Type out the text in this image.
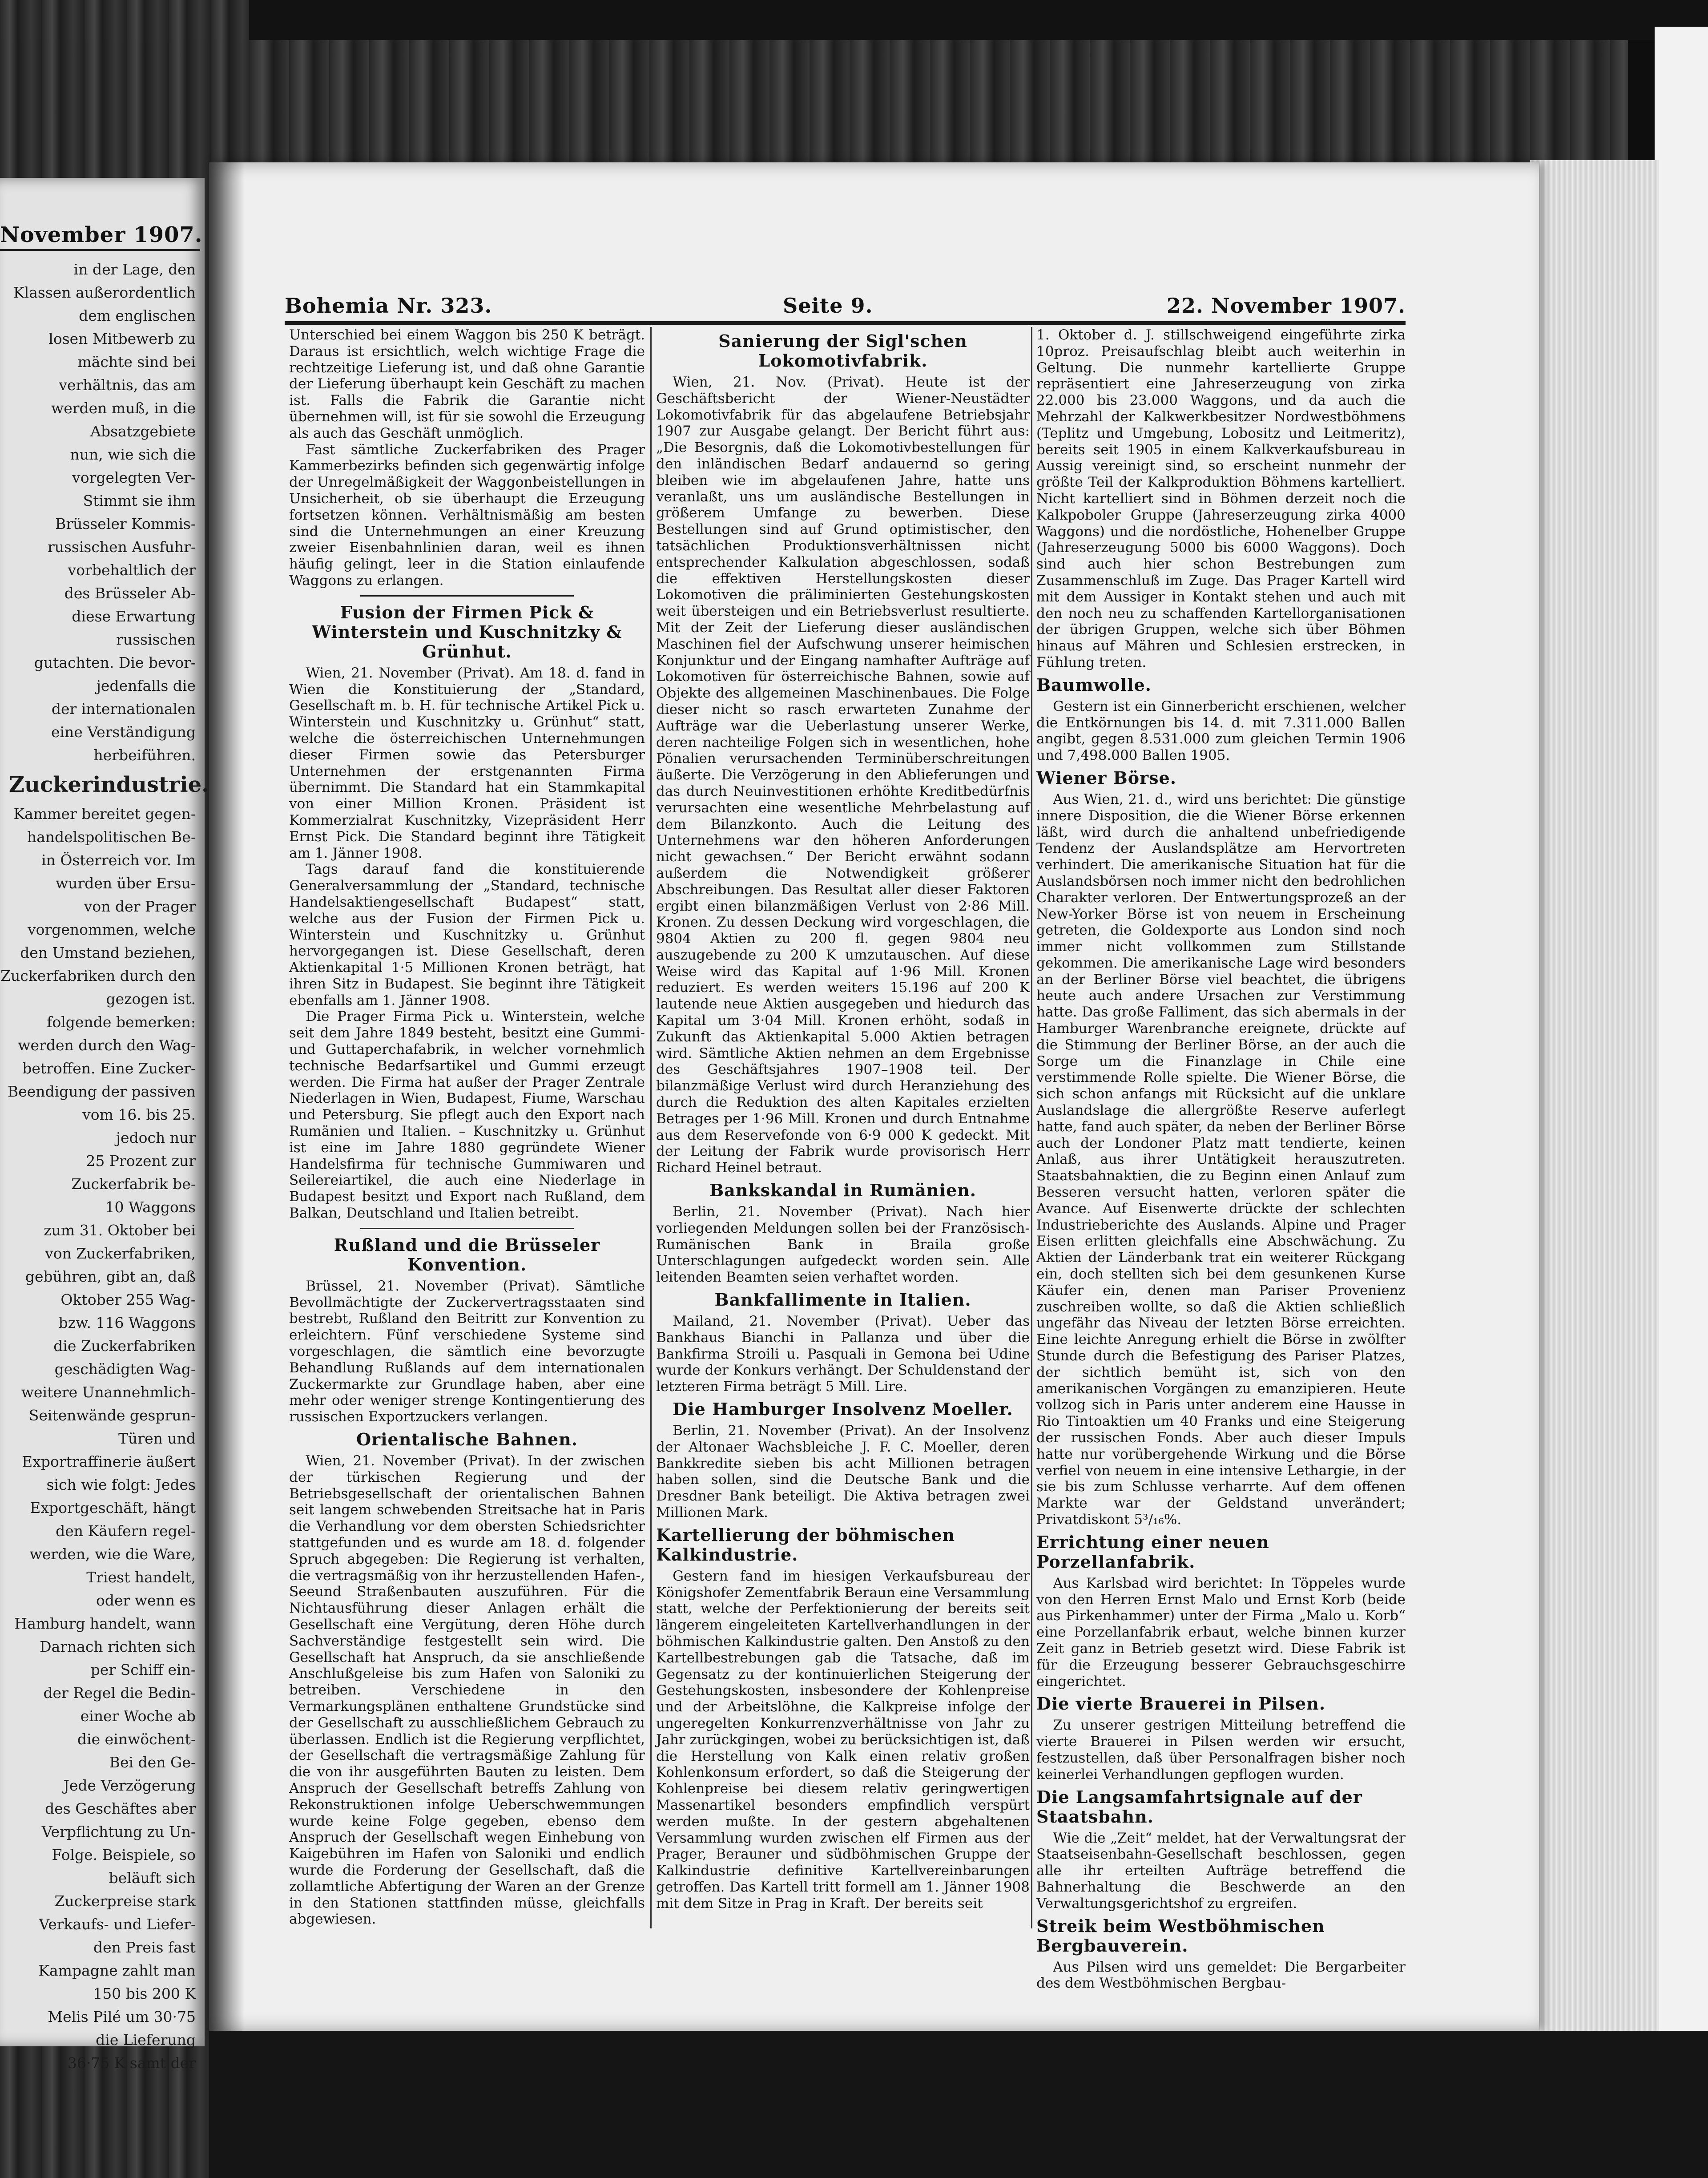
November 1907.
in der Lage, den
Klassen außerordentlich
dem englischen
losen Mitbewerb zu
mächte sind bei
verhältnis, das am
werden muß, in die
Absatzgebiete
nun, wie sich die
vorgelegten Ver-
Stimmt sie ihm
Brüsseler Kommis-
russischen Ausfuhr-
vorbehaltlich der
des Brüsseler Ab-
diese Erwartung
russischen
gutachten. Die bevor-
jedenfalls die
der internationalen
eine Verständigung
herbeiführen.
Zuckerindustrie.
Kammer bereitet gegen-
handelspolitischen Be-
in Österreich vor. Im
wurden über Ersu-
von der Prager
vorgenommen, welche
den Umstand beziehen,
Zuckerfabriken durch den
gezogen ist.
folgende bemerken:
werden durch den Wag-
betroffen. Eine Zucker-
Beendigung der passiven
vom 16. bis 25.
jedoch nur
25 Prozent zur
Zuckerfabrik be-
10 Waggons
zum 31. Oktober bei
von Zuckerfabriken,
gebühren, gibt an, daß
Oktober 255 Wag-
bzw. 116 Waggons
die Zuckerfabriken
geschädigten Wag-
weitere Unannehmlich-
Seitenwände gesprun-
Türen und
Exportraffinerie äußert
sich wie folgt: Jedes
Exportgeschäft, hängt
den Käufern regel-
werden, wie die Ware,
Triest handelt,
oder wenn es
Hamburg handelt, wann
Darnach richten sich
per Schiff ein-
der Regel die Bedin-
einer Woche ab
die einwöchent-
Bei den Ge-
Jede Verzögerung
des Geschäftes aber
Verpflichtung zu Un-
Folge. Beispiele, so
beläuft sich
Zuckerpreise stark
Verkaufs- und Liefer-
den Preis fast
Kampagne zahlt man
150 bis 200 K
Melis Pilé um 30·75
die Lieferung
36·75 K samt der
Bohemia Nr. 323.	Seite 9.	22. November 1907.

Unterschied bei einem Waggon bis 250 K beträgt. Daraus ist ersichtlich, welch wichtige Frage die rechtzeitige Lieferung ist, und daß ohne Garantie der Lieferung überhaupt kein Geschäft zu machen ist. Falls die Fabrik die Garantie nicht übernehmen will, ist für sie sowohl die Erzeugung als auch das Geschäft unmöglich.

Fast sämtliche Zuckerfabriken des Prager Kammerbezirks befinden sich gegenwärtig infolge der Unregelmäßigkeit der Waggonbeistellungen in Unsicherheit, ob sie überhaupt die Erzeugung fortsetzen können. Verhältnismäßig am besten sind die Unternehmungen an einer Kreuzung zweier Eisenbahnlinien daran, weil es ihnen häufig gelingt, leer in die Station einlaufende Waggons zu erlangen.

Fusion der Firmen Pick & Winterstein und Kuschnitzky & Grünhut.

Wien, 21. November (Privat). Am 18. d. fand in Wien die Konstituierung der „Standard, Gesellschaft m. b. H. für technische Artikel Pick u. Winterstein und Kuschnitzky u. Grünhut“ statt, welche die österreichischen Unternehmungen dieser Firmen sowie das Petersburger Unternehmen der erstgenannten Firma übernimmt. Die Standard hat ein Stammkapital von einer Million Kronen. Präsident ist Kommerzialrat Kuschnitzky, Vizepräsident Herr Ernst Pick. Die Standard beginnt ihre Tätigkeit am 1. Jänner 1908.

Tags darauf fand die konstituierende Generalversammlung der „Standard, technische Handelsaktiengesellschaft Budapest“ statt, welche aus der Fusion der Firmen Pick u. Winterstein und Kuschnitzky u. Grünhut hervorgegangen ist. Diese Gesellschaft, deren Aktienkapital 1·5 Millionen Kronen beträgt, hat ihren Sitz in Budapest. Sie beginnt ihre Tätigkeit ebenfalls am 1. Jänner 1908.

Die Prager Firma Pick u. Winterstein, welche seit dem Jahre 1849 besteht, besitzt eine Gummi- und Guttaperchafabrik, in welcher vornehmlich technische Bedarfsartikel und Gummi erzeugt werden. Die Firma hat außer der Prager Zentrale Niederlagen in Wien, Budapest, Fiume, Warschau und Petersburg. Sie pflegt auch den Export nach Rumänien und Italien. – Kuschnitzky u. Grünhut ist eine im Jahre 1880 gegründete Wiener Handelsfirma für technische Gummiwaren und Seilereiartikel, die auch eine Niederlage in Budapest besitzt und Export nach Rußland, dem Balkan, Deutschland und Italien betreibt.

Rußland und die Brüsseler Konvention.

Brüssel, 21. November (Privat). Sämtliche Bevollmächtigte der Zuckervertragsstaaten sind bestrebt, Rußland den Beitritt zur Konvention zu erleichtern. Fünf verschiedene Systeme sind vorgeschlagen, die sämtlich eine bevorzugte Behandlung Rußlands auf dem internationalen Zuckermarkte zur Grundlage haben, aber eine mehr oder weniger strenge Kontingentierung des russischen Exportzuckers verlangen.

Orientalische Bahnen.

Wien, 21. November (Privat). In der zwischen der türkischen Regierung und der Betriebsgesellschaft der orientalischen Bahnen seit langem schwebenden Streitsache hat in Paris die Verhandlung vor dem obersten Schiedsrichter stattgefunden und es wurde am 18. d. folgender Spruch abgegeben: Die Regierung ist verhalten, die vertragsmäßig von ihr herzustellenden Hafen-, Seeund Straßenbauten auszuführen. Für die Nichtausführung dieser Anlagen erhält die Gesellschaft eine Vergütung, deren Höhe durch Sachverständige festgestellt sein wird. Die Gesellschaft hat Anspruch, da sie anschließende Anschlußgeleise bis zum Hafen von Saloniki zu betreiben. Verschiedene in den Vermarkungsplänen enthaltene Grundstücke sind der Gesellschaft zu ausschließlichem Gebrauch zu überlassen. Endlich ist die Regierung verpflichtet, der Gesellschaft die vertragsmäßige Zahlung für die von ihr ausgeführten Bauten zu leisten. Dem Anspruch der Gesellschaft betreffs Zahlung von Rekonstruktionen infolge Ueberschwemmungen wurde keine Folge gegeben, ebenso dem Anspruch der Gesellschaft wegen Einhebung von Kaigebühren im Hafen von Saloniki und endlich wurde die Forderung der Gesellschaft, daß die zollamtliche Abfertigung der Waren an der Grenze in den Stationen stattfinden müsse, gleichfalls abgewiesen.

Sanierung der Sigl'schen Lokomotivfabrik.

Wien, 21. Nov. (Privat). Heute ist der Geschäftsbericht der Wiener-Neustädter Lokomotivfabrik für das abgelaufene Betriebsjahr 1907 zur Ausgabe gelangt. Der Bericht führt aus: „Die Besorgnis, daß die Lokomotivbestellungen für den inländischen Bedarf andauernd so gering bleiben wie im abgelaufenen Jahre, hatte uns veranlaßt, uns um ausländische Bestellungen in größerem Umfange zu bewerben. Diese Bestellungen sind auf Grund optimistischer, den tatsächlichen Produktionsverhältnissen nicht entsprechender Kalkulation abgeschlossen, sodaß die effektiven Herstellungskosten dieser Lokomotiven die präliminierten Gestehungskosten weit übersteigen und ein Betriebsverlust resultierte. Mit der Zeit der Lieferung dieser ausländischen Maschinen fiel der Aufschwung unserer heimischen Konjunktur und der Eingang namhafter Aufträge auf Lokomotiven für österreichische Bahnen, sowie auf Objekte des allgemeinen Maschinenbaues. Die Folge dieser nicht so rasch erwarteten Zunahme der Aufträge war die Ueberlastung unserer Werke, deren nachteilige Folgen sich in wesentlichen, hohe Pönalien verursachenden Terminüberschreitungen äußerte. Die Verzögerung in den Ablieferungen und das durch Neuinvestitionen erhöhte Kreditbedürfnis verursachten eine wesentliche Mehrbelastung auf dem Bilanzkonto. Auch die Leitung des Unternehmens war den höheren Anforderungen nicht gewachsen.“ Der Bericht erwähnt sodann außerdem die Notwendigkeit größerer Abschreibungen. Das Resultat aller dieser Faktoren ergibt einen bilanzmäßigen Verlust von 2·86 Mill. Kronen. Zu dessen Deckung wird vorgeschlagen, die 9804 Aktien zu 200 fl. gegen 9804 neu auszugebende zu 200 K umzutauschen. Auf diese Weise wird das Kapital auf 1·96 Mill. Kronen reduziert. Es werden weiters 15.196 auf 200 K lautende neue Aktien ausgegeben und hiedurch das Kapital um 3·04 Mill. Kronen erhöht, sodaß in Zukunft das Aktienkapital 5.000 Aktien betragen wird. Sämtliche Aktien nehmen an dem Ergebnisse des Geschäftsjahres 1907–1908 teil. Der bilanzmäßige Verlust wird durch Heranziehung des durch die Reduktion des alten Kapitales erzielten Betrages per 1·96 Mill. Kronen und durch Entnahme aus dem Reservefonde von 6·9 000 K gedeckt. Mit der Leitung der Fabrik wurde provisorisch Herr Richard Heinel betraut.

Bankskandal in Rumänien.

Berlin, 21. November (Privat). Nach hier vorliegenden Meldungen sollen bei der Französisch-Rumänischen Bank in Braila große Unterschlagungen aufgedeckt worden sein. Alle leitenden Beamten seien verhaftet worden.

Bankfallimente in Italien.

Mailand, 21. November (Privat). Ueber das Bankhaus Bianchi in Pallanza und über die Bankfirma Stroili u. Pasquali in Gemona bei Udine wurde der Konkurs verhängt. Der Schuldenstand der letzteren Firma beträgt 5 Mill. Lire.

Die Hamburger Insolvenz Moeller.

Berlin, 21. November (Privat). An der Insolvenz der Altonaer Wachsbleiche J. F. C. Moeller, deren Bankkredite sieben bis acht Millionen betragen haben sollen, sind die Deutsche Bank und die Dresdner Bank beteiligt. Die Aktiva betragen zwei Millionen Mark.

Kartellierung der böhmischen Kalkindustrie.

Gestern fand im hiesigen Verkaufsbureau der Königshofer Zementfabrik Beraun eine Versammlung statt, welche der Perfektionierung der bereits seit längerem eingeleiteten Kartellverhandlungen in der böhmischen Kalkindustrie galten. Den Anstoß zu den Kartellbestrebungen gab die Tatsache, daß im Gegensatz zu der kontinuierlichen Steigerung der Gestehungskosten, insbesondere der Kohlenpreise und der Arbeitslöhne, die Kalkpreise infolge der ungeregelten Konkurrenzverhältnisse von Jahr zu Jahr zurückgingen, wobei zu berücksichtigen ist, daß die Herstellung von Kalk einen relativ großen Kohlenkonsum erfordert, so daß die Steigerung der Kohlenpreise bei diesem relativ geringwertigen Massenartikel besonders empfindlich verspürt werden mußte. In der gestern abgehaltenen Versammlung wurden zwischen elf Firmen aus der Prager, Berauner und südböhmischen Gruppe der Kalkindustrie definitive Kartellvereinbarungen getroffen. Das Kartell tritt formell am 1. Jänner 1908 mit dem Sitze in Prag in Kraft. Der bereits seit

1. Oktober d. J. stillschweigend eingeführte zirka 10proz. Preisaufschlag bleibt auch weiterhin in Geltung. Die nunmehr kartellierte Gruppe repräsentiert eine Jahreserzeugung von zirka 22.000 bis 23.000 Waggons, und da auch die Mehrzahl der Kalkwerkbesitzer Nordwestböhmens (Teplitz und Umgebung, Lobositz und Leitmeritz), bereits seit 1905 in einem Kalkverkaufsbureau in Aussig vereinigt sind, so erscheint nunmehr der größte Teil der Kalkproduktion Böhmens kartelliert. Nicht kartelliert sind in Böhmen derzeit noch die Kalkpoboler Gruppe (Jahreserzeugung zirka 4000 Waggons) und die nordöstliche, Hohenelber Gruppe (Jahreserzeugung 5000 bis 6000 Waggons). Doch sind auch hier schon Bestrebungen zum Zusammenschluß im Zuge. Das Prager Kartell wird mit dem Aussiger in Kontakt stehen und auch mit den noch neu zu schaffenden Kartellorganisationen der übrigen Gruppen, welche sich über Böhmen hinaus auf Mähren und Schlesien erstrecken, in Fühlung treten.

Baumwolle.

Gestern ist ein Ginnerbericht erschienen, welcher die Entkörnungen bis 14. d. mit 7.311.000 Ballen angibt, gegen 8.531.000 zum gleichen Termin 1906 und 7,498.000 Ballen 1905.

Wiener Börse.

Aus Wien, 21. d., wird uns berichtet: Die günstige innere Disposition, die die Wiener Börse erkennen läßt, wird durch die anhaltend unbefriedigende Tendenz der Auslandsplätze am Hervortreten verhindert. Die amerikanische Situation hat für die Auslandsbörsen noch immer nicht den bedrohlichen Charakter verloren. Der Entwertungsprozeß an der New-Yorker Börse ist von neuem in Erscheinung getreten, die Goldexporte aus London sind noch immer nicht vollkommen zum Stillstande gekommen. Die amerikanische Lage wird besonders an der Berliner Börse viel beachtet, die übrigens heute auch andere Ursachen zur Verstimmung hatte. Das große Falliment, das sich abermals in der Hamburger Warenbranche ereignete, drückte auf die Stimmung der Berliner Börse, an der auch die Sorge um die Finanzlage in Chile eine verstimmende Rolle spielte. Die Wiener Börse, die sich schon anfangs mit Rücksicht auf die unklare Auslandslage die allergrößte Reserve auferlegt hatte, fand auch später, da neben der Berliner Börse auch der Londoner Platz matt tendierte, keinen Anlaß, aus ihrer Untätigkeit herauszutreten. Staatsbahnaktien, die zu Beginn einen Anlauf zum Besseren versucht hatten, verloren später die Avance. Auf Eisenwerte drückte der schlechten Industrieberichte des Auslands. Alpine und Prager Eisen erlitten gleichfalls eine Abschwächung. Zu Aktien der Länderbank trat ein weiterer Rückgang ein, doch stellten sich bei dem gesunkenen Kurse Käufer ein, denen man Pariser Provenienz zuschreiben wollte, so daß die Aktien schließlich ungefähr das Niveau der letzten Börse erreichten. Eine leichte Anregung erhielt die Börse in zwölfter Stunde durch die Befestigung des Pariser Platzes, der sichtlich bemüht ist, sich von den amerikanischen Vorgängen zu emanzipieren. Heute vollzog sich in Paris unter anderem eine Hausse in Rio Tintoaktien um 40 Franks und eine Steigerung der russischen Fonds. Aber auch dieser Impuls hatte nur vorübergehende Wirkung und die Börse verfiel von neuem in eine intensive Lethargie, in der sie bis zum Schlusse verharrte. Auf dem offenen Markte war der Geldstand unverändert; Privatdiskont 5³/₁₆%.

Errichtung einer neuen Porzellanfabrik.

Aus Karlsbad wird berichtet: In Töppeles wurde von den Herren Ernst Malo und Ernst Korb (beide aus Pirkenhammer) unter der Firma „Malo u. Korb“ eine Porzellanfabrik erbaut, welche binnen kurzer Zeit ganz in Betrieb gesetzt wird. Diese Fabrik ist für die Erzeugung besserer Gebrauchsgeschirre eingerichtet.

Die vierte Brauerei in Pilsen.

Zu unserer gestrigen Mitteilung betreffend die vierte Brauerei in Pilsen werden wir ersucht, festzustellen, daß über Personalfragen bisher noch keinerlei Verhandlungen gepflogen wurden.

Die Langsamfahrtsignale auf der Staatsbahn.

Wie die „Zeit“ meldet, hat der Verwaltungsrat der Staatseisenbahn-Gesellschaft beschlossen, gegen alle ihr erteilten Aufträge betreffend die Bahnerhaltung die Beschwerde an den Verwaltungsgerichtshof zu ergreifen.

Streik beim Westböhmischen Bergbauverein.

Aus Pilsen wird uns gemeldet: Die Bergarbeiter des dem Westböhmischen Bergbau-
